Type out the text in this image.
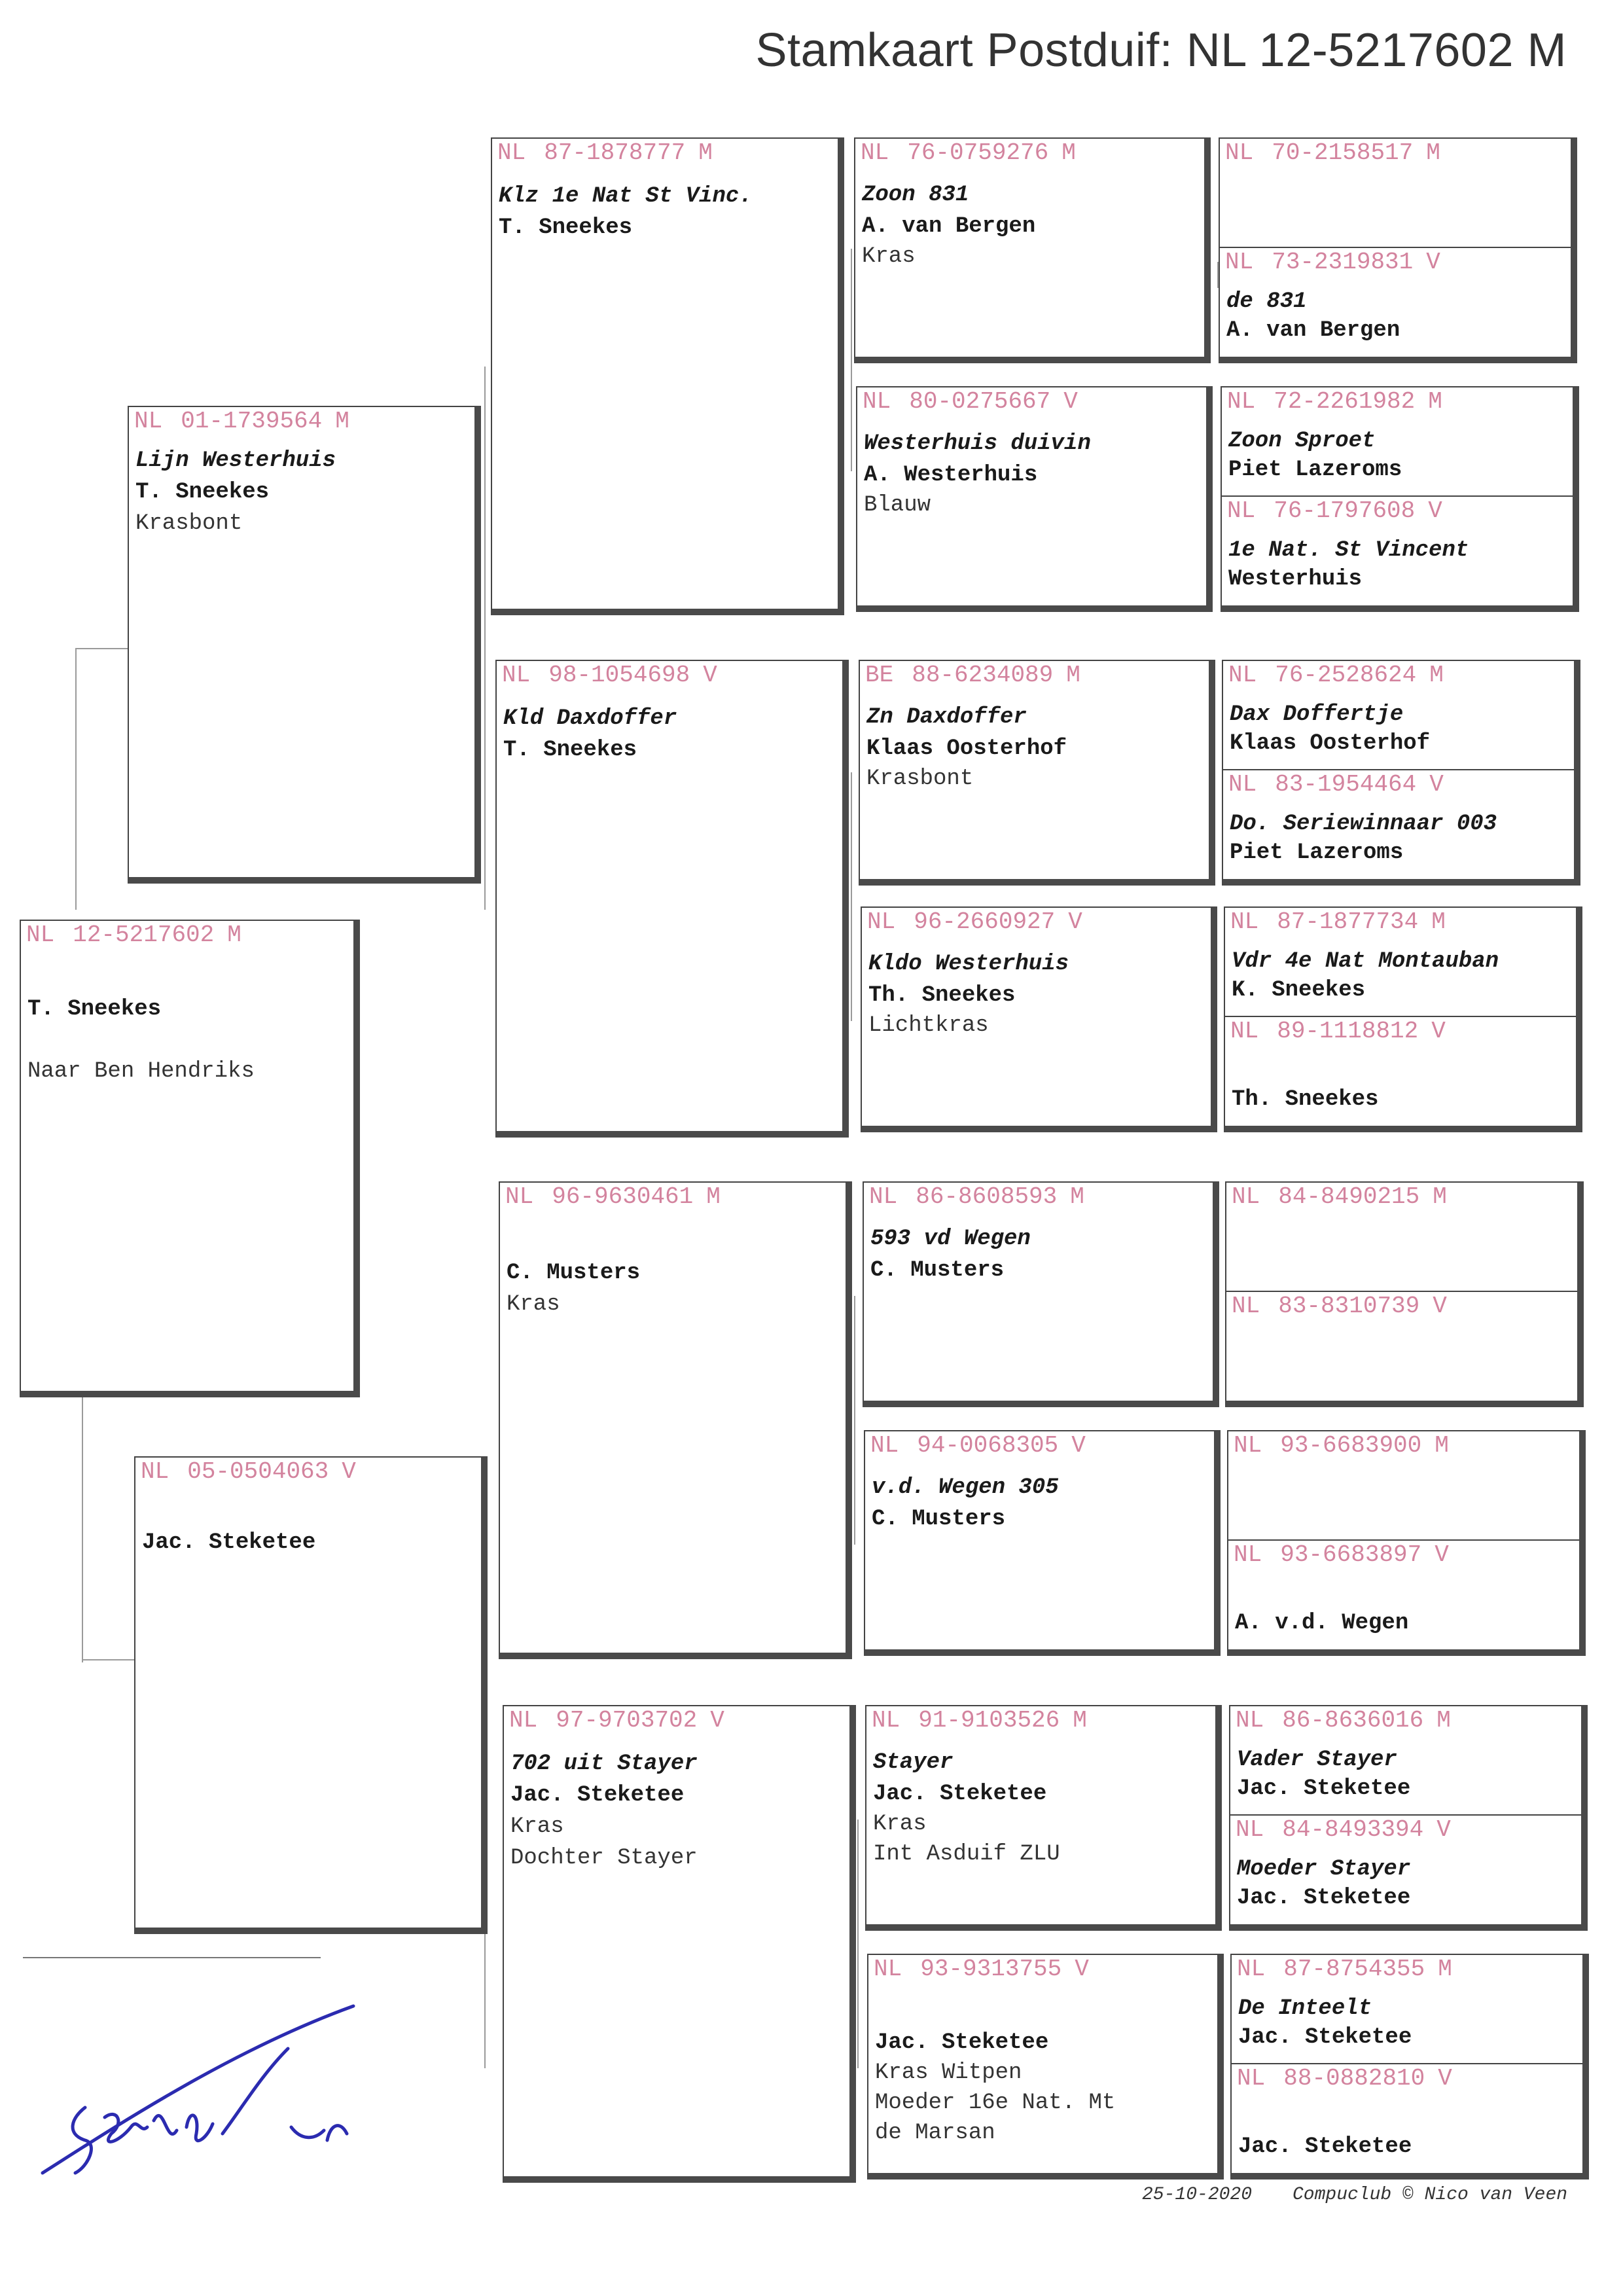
Stamkaart Postduif: NL 12-5217602 M
NL 12-5217602 M
T. Sneekes
Naar Ben Hendriks
NL 01-1739564 M
Lijn Westerhuis
T. Sneekes
Krasbont
NL 05-0504063 V
Jac. Steketee
NL 87-1878777 M
Klz 1e Nat St Vinc.
T. Sneekes
NL 98-1054698 V
Kld Daxdoffer
T. Sneekes
NL 96-9630461 M
C. Musters
Kras
NL 97-9703702 V
702 uit Stayer
Jac. Steketee
Kras
Dochter Stayer
NL 76-0759276 M
Zoon 831
A. van Bergen
Kras
NL 80-0275667 V
Westerhuis duivin
A. Westerhuis
Blauw
BE 88-6234089 M
Zn Daxdoffer
Klaas Oosterhof
Krasbont
NL 96-2660927 V
Kldo Westerhuis
Th. Sneekes
Lichtkras
NL 86-8608593 M
593 vd Wegen
C. Musters
NL 94-0068305 V
v.d. Wegen 305
C. Musters
NL 91-9103526 M
Stayer
Jac. Steketee
Kras
Int Asduif ZLU
NL 93-9313755 V
Jac. Steketee
Kras Witpen
Moeder 16e Nat. Mt
de Marsan
NL 70-2158517 M
NL 73-2319831 V
de 831
A. van Bergen
NL 72-2261982 M
Zoon Sproet
Piet Lazeroms
NL 76-1797608 V
1e Nat. St Vincent
Westerhuis
NL 76-2528624 M
Dax Doffertje
Klaas Oosterhof
NL 83-1954464 V
Do. Seriewinnaar 003
Piet Lazeroms
NL 87-1877734 M
Vdr 4e Nat Montauban
K. Sneekes
NL 89-1118812 V
Th. Sneekes
NL 84-8490215 M
NL 83-8310739 V
NL 93-6683900 M
NL 93-6683897 V
A. v.d. Wegen
NL 86-8636016 M
Vader Stayer
Jac. Steketee
NL 84-8493394 V
Moeder Stayer
Jac. Steketee
NL 87-8754355 M
De Inteelt
Jac. Steketee
NL 88-0882810 V
Jac. Steketee
25-10-2020 Compuclub © Nico van Veen
